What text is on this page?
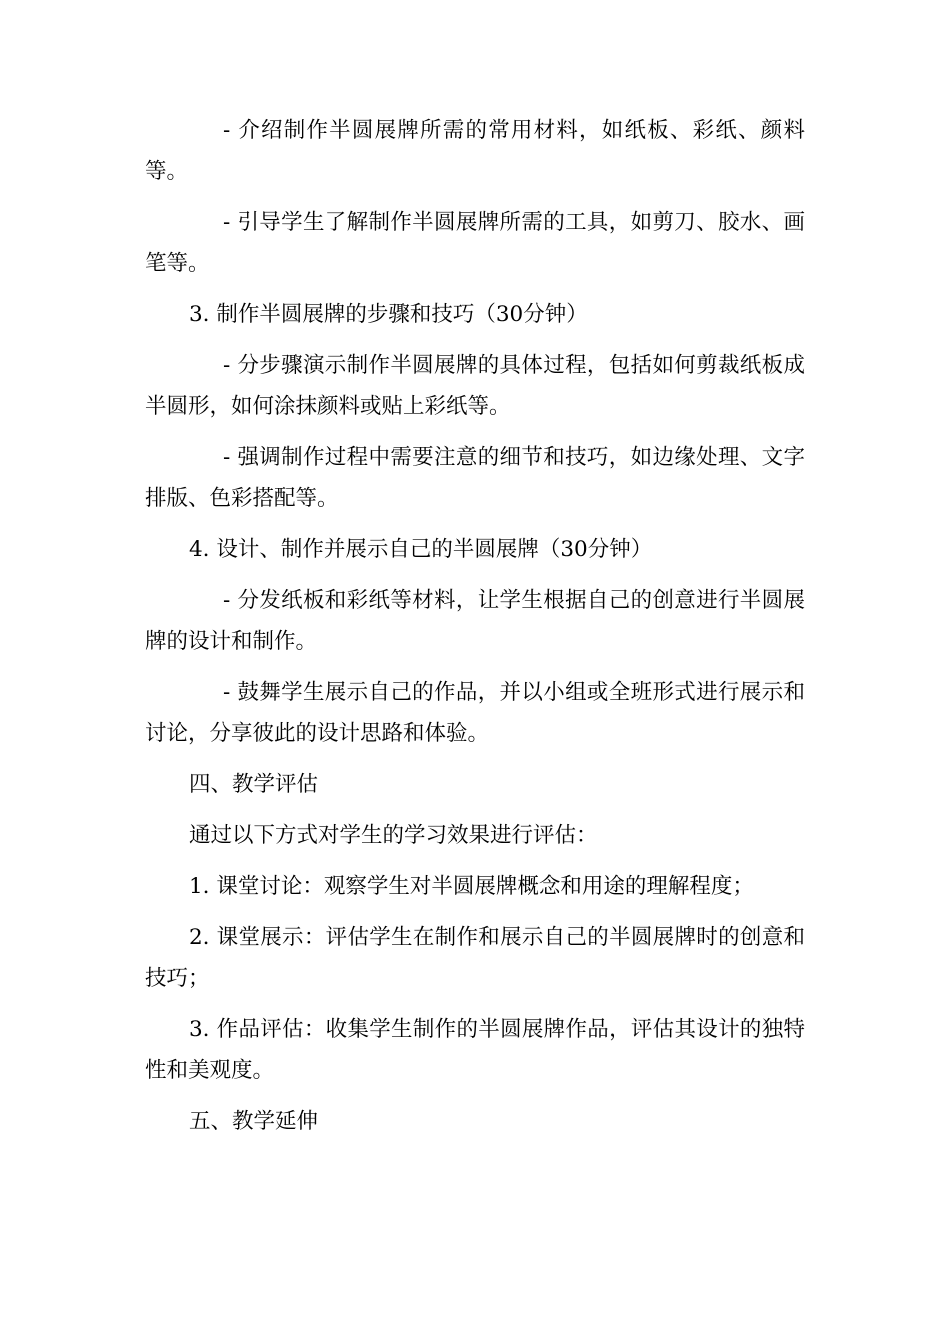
- 介绍制作半圆展牌所需的常用材料，如纸板、彩纸、颜料等。

- 引导学生了解制作半圆展牌所需的工具，如剪刀、胶水、画笔等。

3. 制作半圆展牌的步骤和技巧（30分钟）

- 分步骤演示制作半圆展牌的具体过程，包括如何剪裁纸板成半圆形，如何涂抹颜料或贴上彩纸等。

- 强调制作过程中需要注意的细节和技巧，如边缘处理、文字排版、色彩搭配等。

4. 设计、制作并展示自己的半圆展牌（30分钟）

- 分发纸板和彩纸等材料，让学生根据自己的创意进行半圆展牌的设计和制作。

- 鼓舞学生展示自己的作品，并以小组或全班形式进行展示和讨论，分享彼此的设计思路和体验。

四、教学评估

通过以下方式对学生的学习效果进行评估：

1. 课堂讨论：观察学生对半圆展牌概念和用途的理解程度；

2. 课堂展示：评估学生在制作和展示自己的半圆展牌时的创意和技巧；

3. 作品评估：收集学生制作的半圆展牌作品，评估其设计的独特性和美观度。

五、教学延伸
